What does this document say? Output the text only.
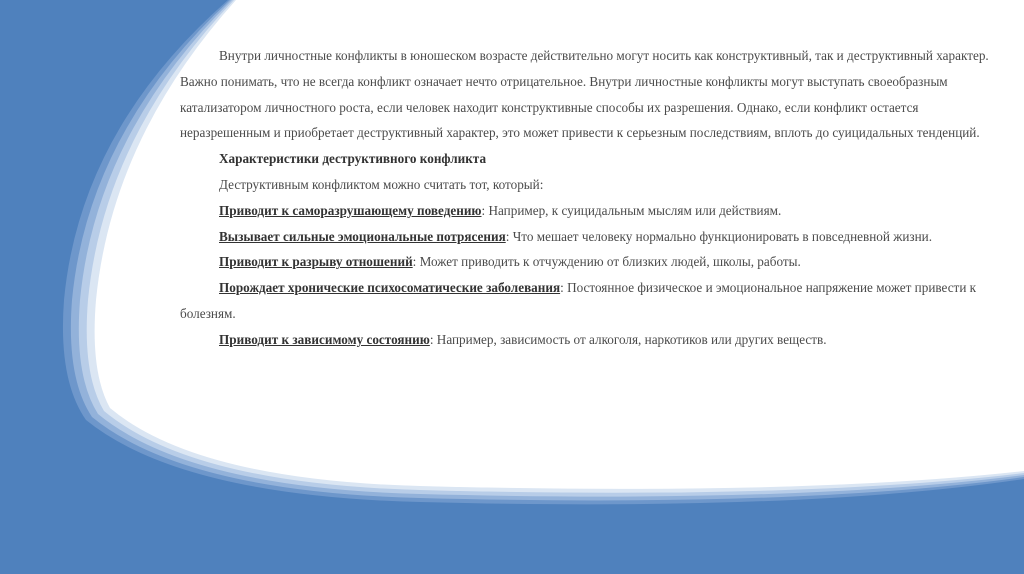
Внутри личностные конфликты в юношеском возрасте действительно могут носить как конструктивный, так и деструктивный характер. Важно понимать, что не всегда конфликт означает нечто отрицательное. Внутри личностные конфликты могут выступать своеобразным катализатором личностного роста, если человек находит конструктивные способы их разрешения. Однако, если конфликт остается неразрешенным и приобретает деструктивный характер, это может привести к серьезным последствиям, вплоть до суицидальных тенденций.

Характеристики деструктивного конфликта

Деструктивным конфликтом можно считать тот, который:

Приводит к саморазрушающему поведению: Например, к суицидальным мыслям или действиям.

Вызывает сильные эмоциональные потрясения: Что мешает человеку нормально функционировать в повседневной жизни.

Приводит к разрыву отношений: Может приводить к отчуждению от близких людей, школы, работы.

Порождает хронические психосоматические заболевания: Постоянное физическое и эмоциональное напряжение может привести к болезням.

Приводит к зависимому состоянию: Например, зависимость от алкоголя, наркотиков или других веществ.
